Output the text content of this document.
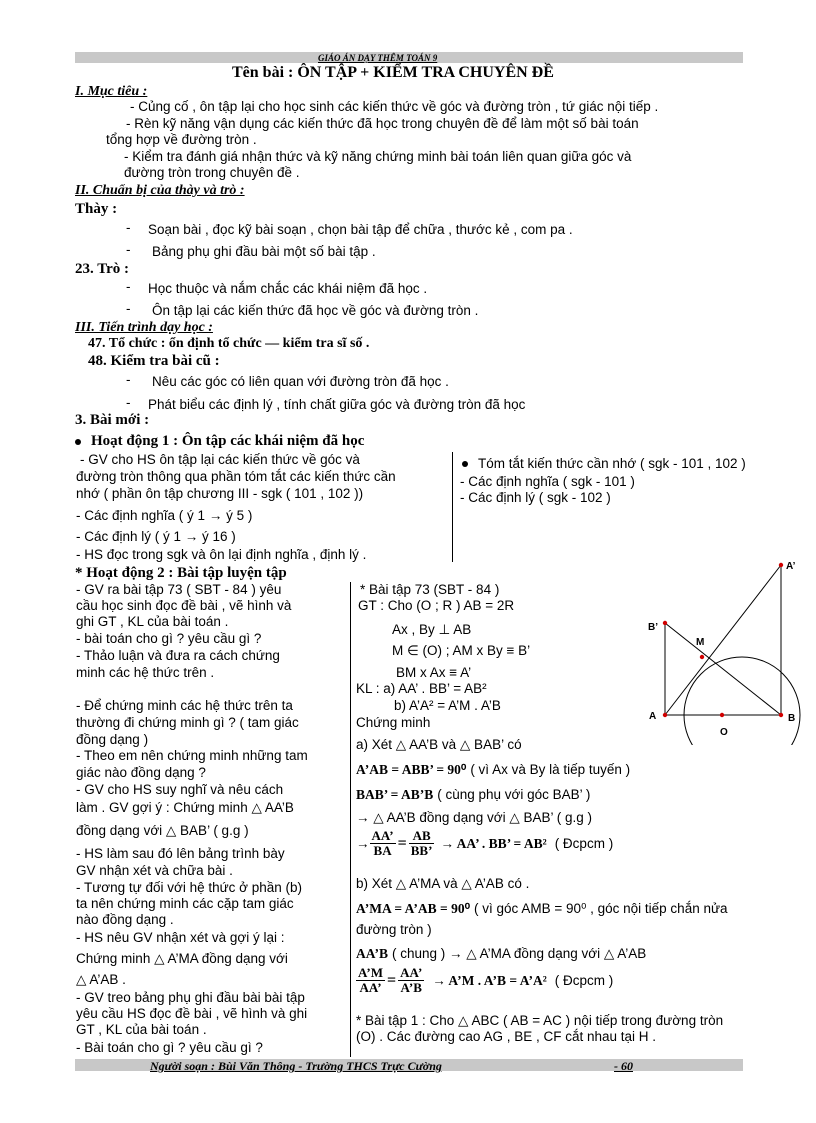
GIÁO ÁN DẠY THÊM TOÁN 9
Tên bài : ÔN TẬP + KIỂM TRA CHUYÊN ĐỀ
I. Mục tiêu :
- Củng cố , ôn tập lại cho học sinh các kiến thức về góc và đường tròn , tứ giác nội tiếp .
- Rèn kỹ năng vận dụng các kiến thức đã học trong chuyên đề để làm một số bài toán
tổng hợp về đường tròn .
- Kiểm tra đánh giá nhận thức và kỹ năng chứng minh bài toán liên quan giữa góc và
đường tròn trong chuyên đề .
II. Chuẩn bị của thày và trò :
Thày :
- Soạn bài , đọc kỹ bài soạn , chọn bài tập để chữa , thước kẻ , com pa .
- Bảng phụ ghi đầu bài một số bài tập .
23. Trò :
- Học thuộc và nắm chắc các khái niệm đã học .
- Ôn tập lại các kiến thức đã học về góc và đường tròn .
III. Tiến trình dạy học :
47. Tổ chức : ổn định tổ chức — kiểm tra sĩ số .
48. Kiểm tra bài cũ :
- Nêu các góc có liên quan với đường tròn đã học .
- Phát biểu các định lý , tính chất giữa góc và đường tròn đã học
3. Bài mới :
Hoạt động 1 : Ôn tập các khái niệm đã học
- GV cho HS ôn tập lại các kiến thức về góc và
đường tròn thông qua phần tóm tắt các kiến thức cần
nhớ ( phần ôn tập chương III - sgk ( 101 , 102 ))
- Các định nghĩa ( ý 1 → ý 5 )
- Các định lý ( ý 1 → ý 16 )
- HS đọc trong sgk và ôn lại định nghĩa , định lý .
Tóm tắt kiến thức cần nhớ ( sgk - 101 , 102 )
- Các định nghĩa ( sgk - 101 )
- Các định lý ( sgk - 102 )
* Hoạt động 2 : Bài tập luyện tập
- GV ra bài tập 73 ( SBT - 84 ) yêu
cầu học sinh đọc đề bài , vẽ hình và
ghi GT , KL của bài toán .
- bài toán cho gì ? yêu cầu gì ?
- Thảo luận và đưa ra cách chứng
minh các hệ thức trên .
- Để chứng minh các hệ thức trên ta
thường đi chứng minh gì ? ( tam giác
đồng dạng )
- Theo em nên chứng minh những tam
giác nào đồng dạng ?
- GV cho HS suy nghĩ và nêu cách
làm . GV gợi ý : Chứng minh △ AA’B
đồng dạng với △ BAB’ ( g.g )
- HS làm sau đó lên bảng trình bày
GV nhận xét và chữa bài .
- Tương tự đối với hệ thức ở phần (b)
ta nên chứng minh các cặp tam giác
nào đồng dạng .
- HS nêu GV nhận xét và gợi ý lại :
Chứng minh △ A’MA đồng dạng với
△ A’AB .
- GV treo bảng phụ ghi đầu bài bài tập
yêu cầu HS đọc đề bài , vẽ hình và ghi
GT , KL của bài toán .
- Bài toán cho gì ? yêu cầu gì ?
* Bài tập 73 (SBT - 84 )
GT : Cho (O ; R ) AB = 2R
Ax , By ⊥ AB
M ∈ (O) ; AM x By ≡ B’
BM x Ax ≡ A’
KL : a) AA’ . BB’ = AB²
b) A’A² = A’M . A’B
Chứng minh
a) Xét △ AA’B và △ BAB’ có
A’AB = ABB’ = 90⁰ ( vì Ax và By là tiếp tuyến )
BAB’ = AB’B ( cùng phụ với góc BAB’ )
→ △ AA’B đồng dạng với △ BAB’ ( g.g )
→ $\frac{AA’}{BA} = \frac{AB}{BB’}$ → AA’ . BB’ = AB² ( Đcpcm )
b) Xét △ A’MA và △ A’AB có .
A’MA = A’AB = 90⁰ ( vì góc AMB = 90⁰ , góc nội tiếp chắn nửa
đường tròn )
AA’B ( chung ) → △ A’MA đồng dạng với △ A’AB
$\frac{A’M}{AA’} = \frac{AA’}{A’B}$ → A’M . A’B = A’A² ( Đcpcm )
* Bài tập 1 : Cho △ ABC ( AB = AC ) nội tiếp trong đường tròn
(O) . Các đường cao AG , BE , CF cắt nhau tại H .
A’
B’
M
A
O
B
Người soạn : Bùi Văn Thông - Trường THCS Trực Cường	- 60
